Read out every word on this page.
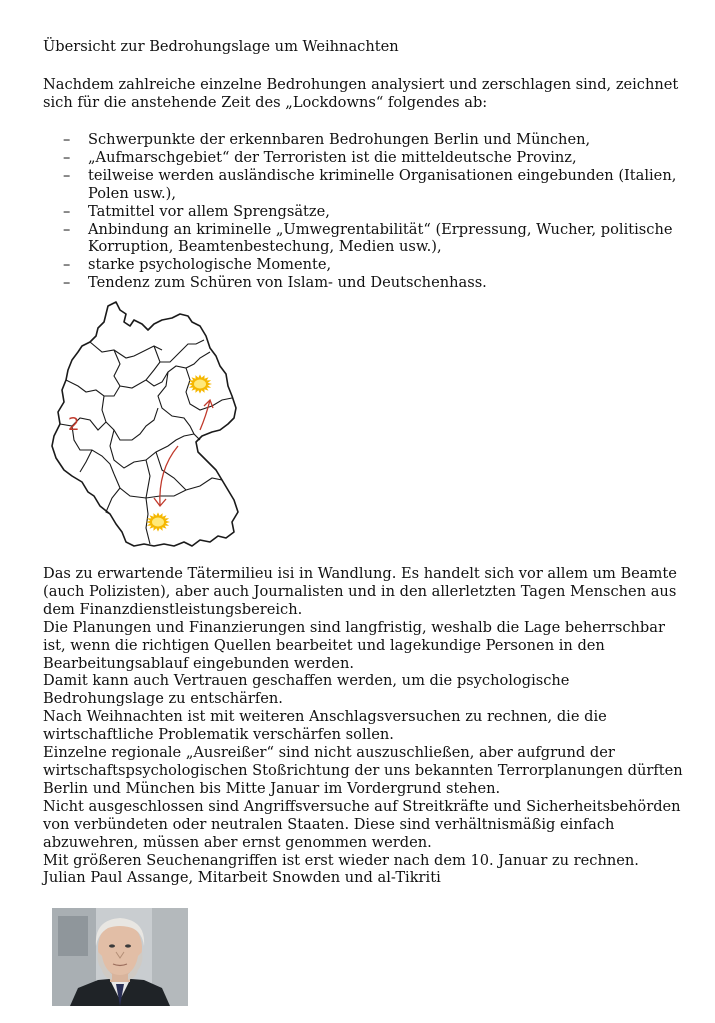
Übersicht zur Bedrohungslage um Weihnachten
Nachdem zahlreiche einzelne Bedrohungen analysiert und zerschlagen sind, zeichnet sich für die anstehende Zeit des „Lockdowns“ folgendes ab:
– Schwerpunkte der erkennbaren Bedrohungen Berlin und München,
– „Aufmarschgebiet“ der Terroristen ist die mitteldeutsche Provinz,
– teilweise werden ausländische kriminelle Organisationen eingebunden (Italien, Polen usw.),
– Tatmittel vor allem Sprengsätze,
– Anbindung an kriminelle „Umwegrentabilität“ (Erpressung, Wucher, politische Korruption, Beamtenbestechung, Medien usw.),
– starke psychologische Momente,
– Tendenz zum Schüren von Islam- und Deutschenhass.
2

Das zu erwartende Tätermilieu isi in Wandlung. Es handelt sich vor allem um Beamte (auch Polizisten), aber auch Journalisten und in den allerletzten Tagen Menschen aus dem Finanzdienstleistungsbereich.

Die Planungen und Finanzierungen sind langfristig, weshalb die Lage beherrschbar ist, wenn die richtigen Quellen bearbeitet und lagekundige Personen in den Bearbeitungsablauf eingebunden werden.

Damit kann auch Vertrauen geschaffen werden, um die psychologische Bedrohungslage zu entschärfen.

Nach Weihnachten ist mit weiteren Anschlagsversuchen zu rechnen, die die wirtschaftliche Problematik verschärfen sollen.

Einzelne regionale „Ausreißer“ sind nicht auszuschließen, aber aufgrund der wirtschaftspsychologischen Stoßrichtung der uns bekannten Terrorplanungen dürften Berlin und München bis Mitte Januar im Vordergrund stehen.

Nicht ausgeschlossen sind Angriffsversuche auf Streitkräfte und Sicherheitsbehörden von verbündeten oder neutralen Staaten. Diese sind verhältnismäßig einfach abzuwehren, müssen aber ernst genommen werden.

Mit größeren Seuchenangriffen ist erst wieder nach dem 10. Januar zu rechnen.

Julian Paul Assange, Mitarbeit Snowden und al-Tikriti
